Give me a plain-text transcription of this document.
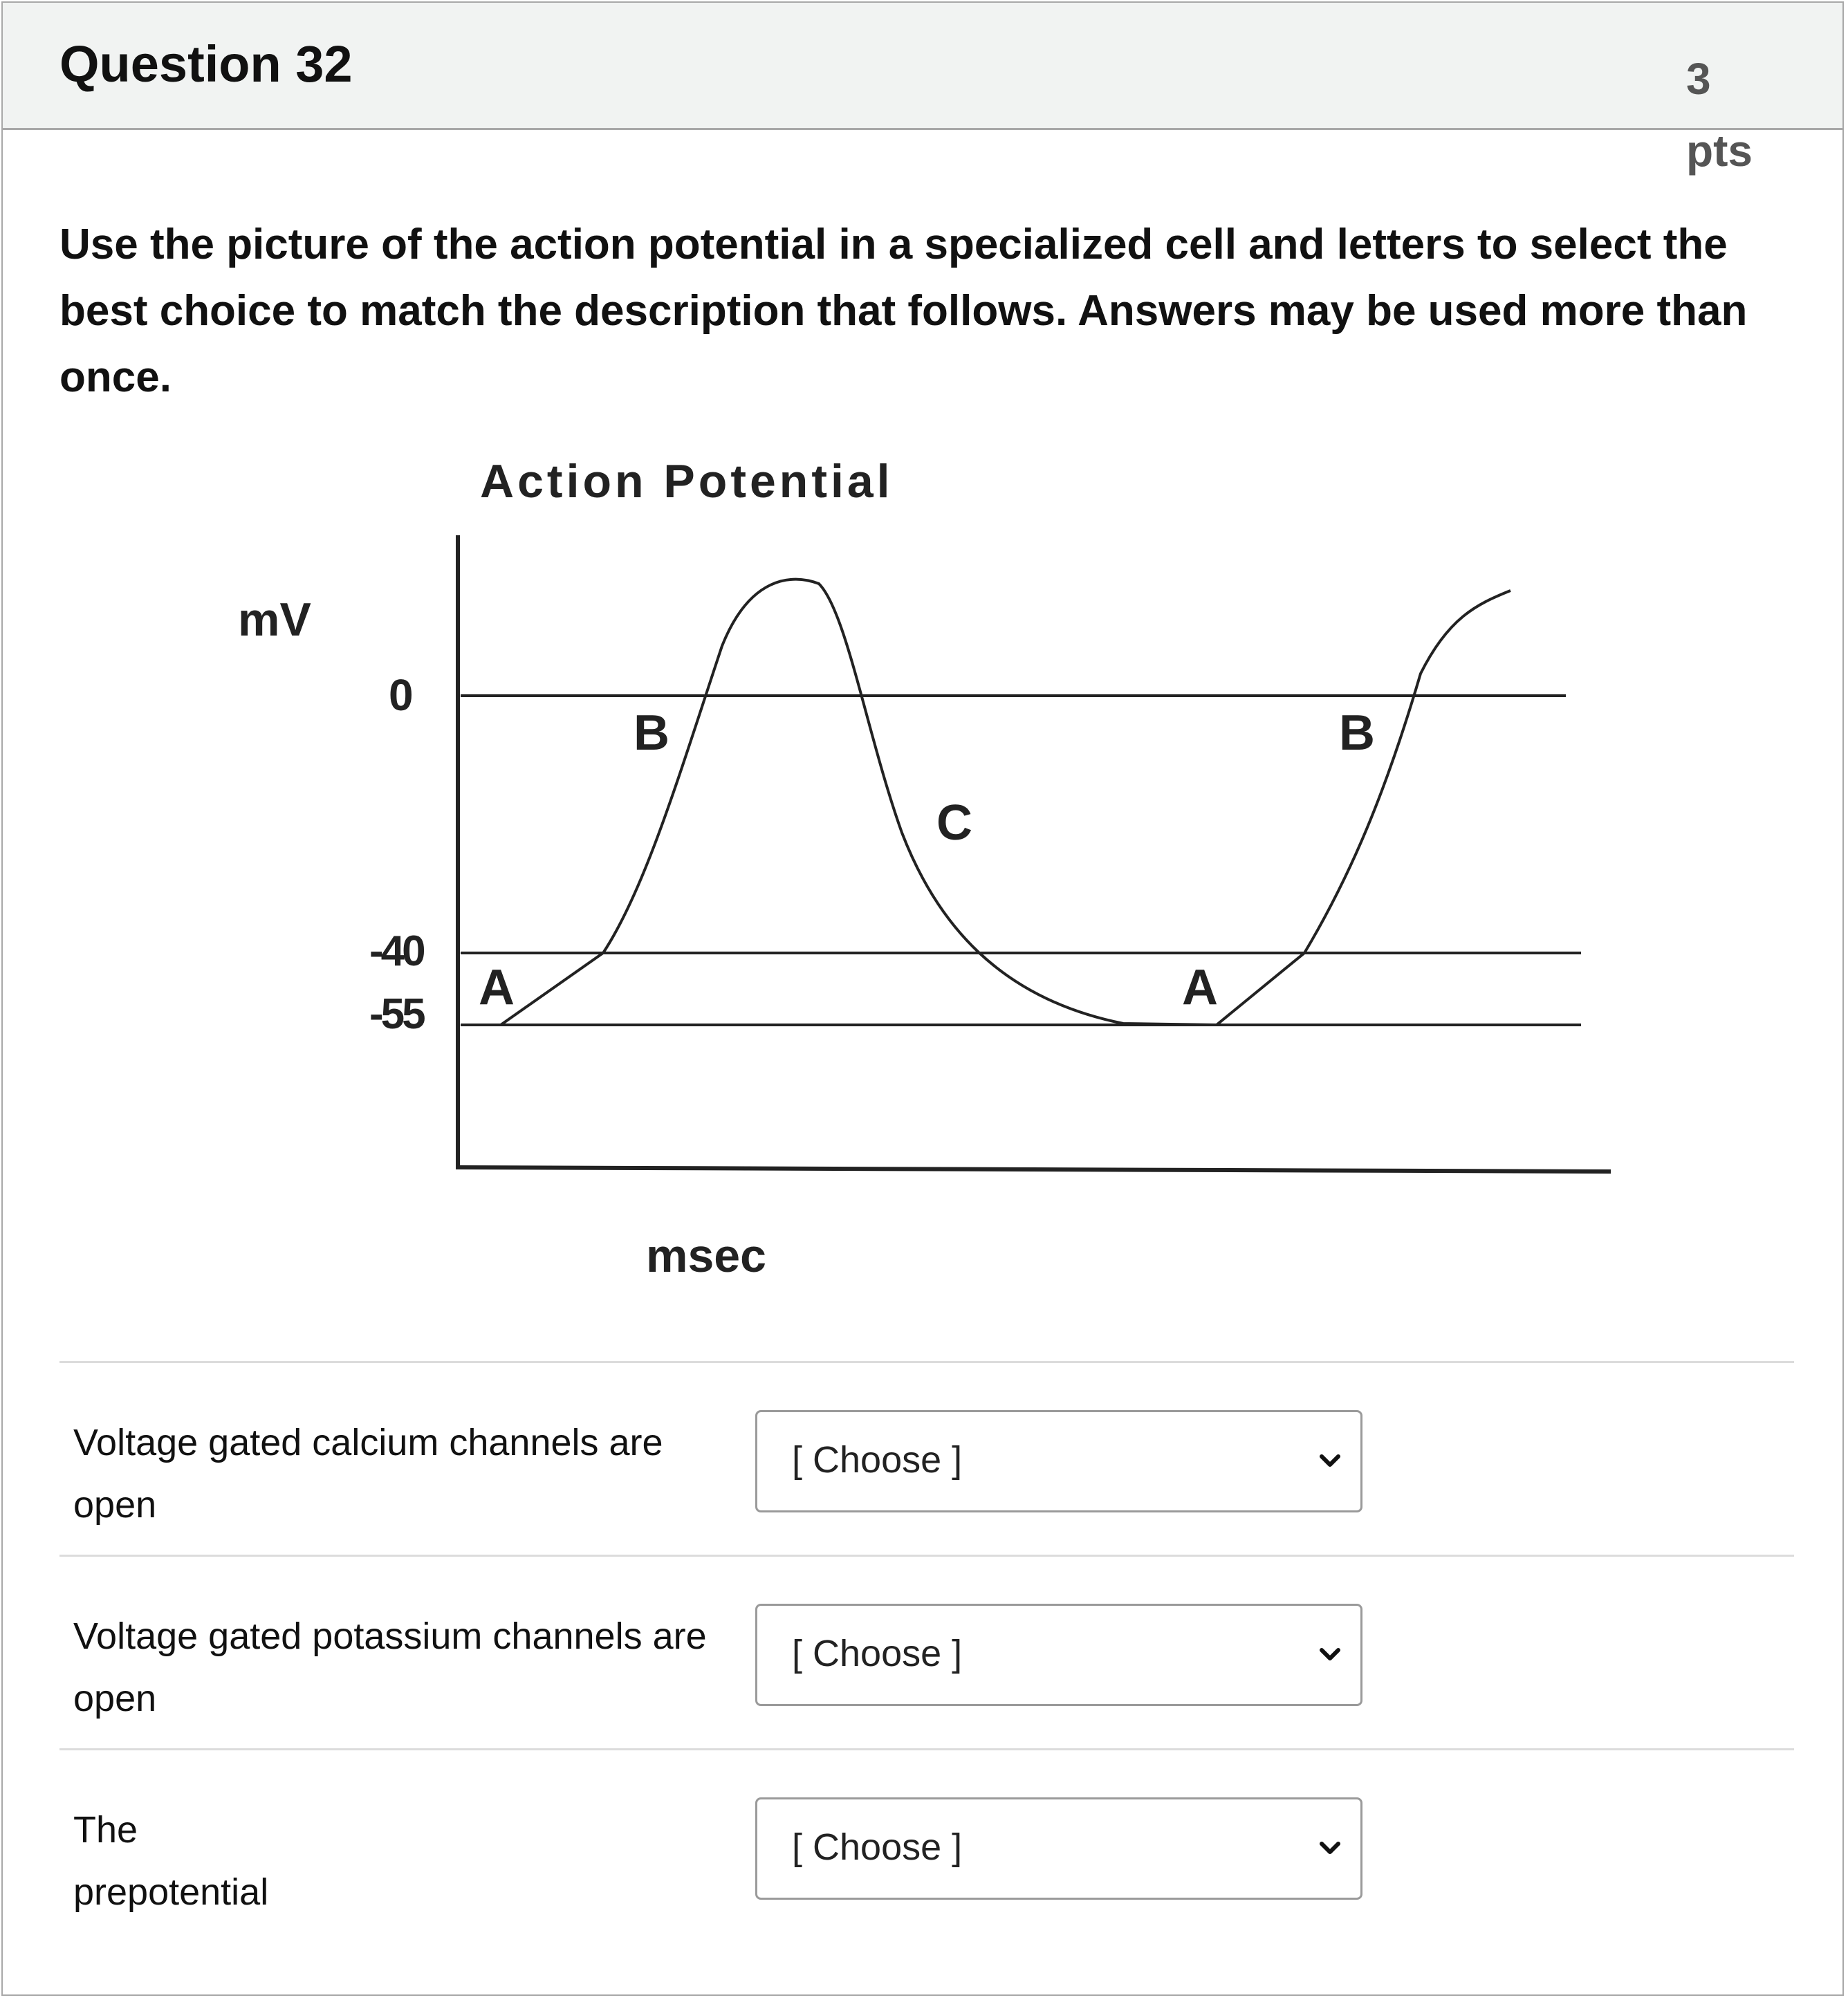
Question 32	3
pts
Use the picture of the action potential in a specialized cell and letters to select the best choice to match the description that follows. Answers may be used more than once.
Action Potential
mV
0
-40
-55
msec
A
B
C
A
B
Voltage gated calcium channels are
open
[ Choose ]
Voltage gated potassium channels are
open
[ Choose ]
The
prepotential
[ Choose ]
